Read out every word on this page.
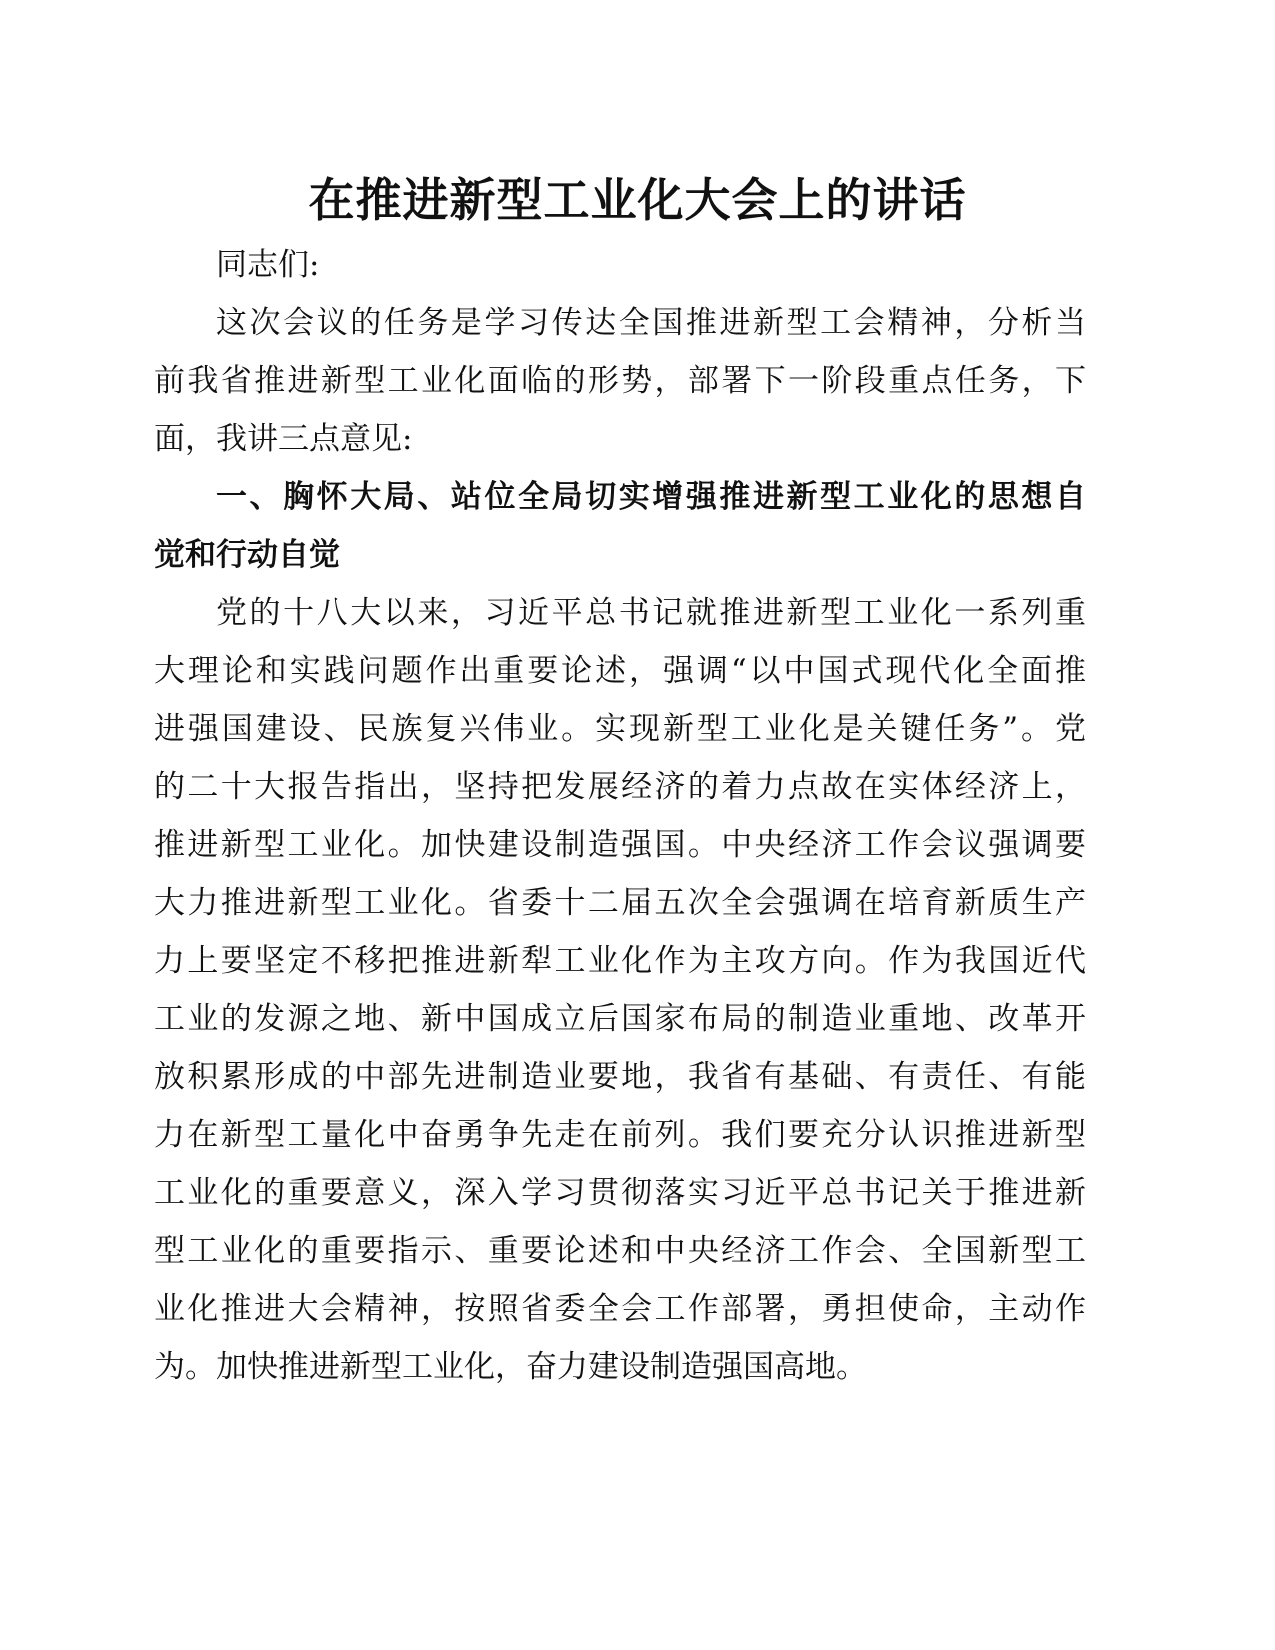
在推进新型工业化大会上的讲话
同志们:
这次会议的任务是学习传达全国推进新型工会精神，分析当
前我省推进新型工业化面临的形势，部署下一阶段重点任务，下
面，我讲三点意见:
一、胸怀大局、站位全局切实增强推进新型工业化的思想自
觉和行动自觉
党的十八大以来，习近平总书记就推进新型工业化一系列重
大理论和实践问题作出重要论述，强调“以中国式现代化全面推
进强国建设、民族复兴伟业。实现新型工业化是关键任务”。党
的二十大报告指出，坚持把发展经济的着力点故在实体经济上，
推进新型工业化。加快建设制造强国。中央经济工作会议强调要
大力推进新型工业化。省委十二届五次全会强调在培育新质生产
力上要坚定不移把推进新犁工业化作为主攻方向。作为我国近代
工业的发源之地、新中国成立后国家布局的制造业重地、改革开
放积累形成的中部先进制造业要地，我省有基础、有责任、有能
力在新型工量化中奋勇争先走在前列。我们要充分认识推进新型
工业化的重要意义，深入学习贯彻落实习近平总书记关于推进新
型工业化的重要指示、重要论述和中央经济工作会、全国新型工
业化推进大会精神，按照省委全会工作部署，勇担使命，主动作
为。加快推进新型工业化，奋力建设制造强国高地。
